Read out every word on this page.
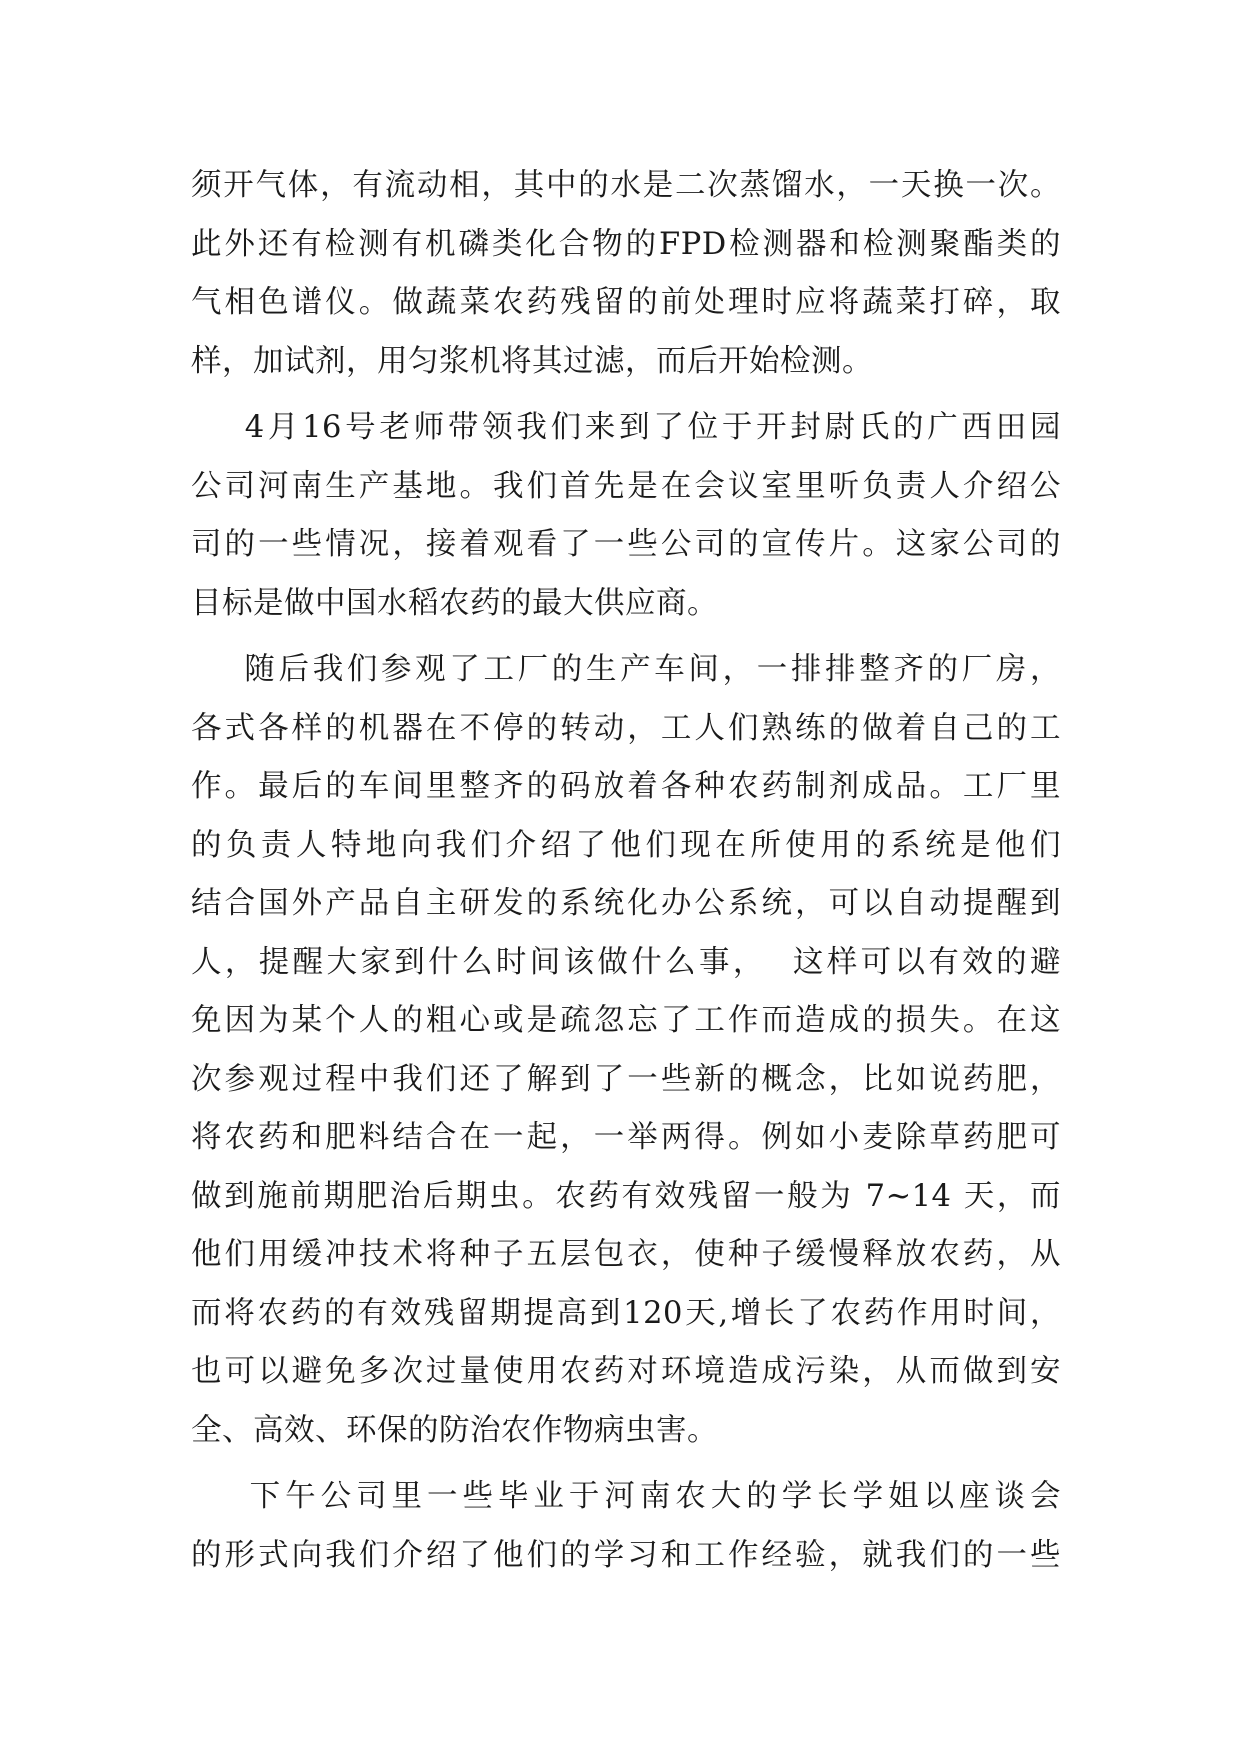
须开气体，有流动相，其中的水是二次蒸馏水，一天换一次。
此外还有检测有机磷类化合物的FPD检测器和检测聚酯类的
气相色谱仪。做蔬菜农药残留的前处理时应将蔬菜打碎，取
样，加试剂，用匀浆机将其过滤，而后开始检测。
4月16号老师带领我们来到了位于开封尉氏的广西田园
公司河南生产基地。我们首先是在会议室里听负责人介绍公
司的一些情况，接着观看了一些公司的宣传片。这家公司的
目标是做中国水稻农药的最大供应商。
随后我们参观了工厂的生产车间，一排排整齐的厂房，
各式各样的机器在不停的转动，工人们熟练的做着自己的工
作。最后的车间里整齐的码放着各种农药制剂成品。工厂里
的负责人特地向我们介绍了他们现在所使用的系统是他们
结合国外产品自主研发的系统化办公系统，可以自动提醒到
人，提醒大家到什么时间该做什么事，  这样可以有效的避
免因为某个人的粗心或是疏忽忘了工作而造成的损失。在这
次参观过程中我们还了解到了一些新的概念，比如说药肥，
将农药和肥料结合在一起，一举两得。例如小麦除草药肥可
做到施前期肥治后期虫。农药有效残留一般为 7~14 天，而
他们用缓冲技术将种子五层包衣，使种子缓慢释放农药，从
而将农药的有效残留期提高到120天,增长了农药作用时间，
也可以避免多次过量使用农药对环境造成污染，从而做到安
全、高效、环保的防治农作物病虫害。
下午公司里一些毕业于河南农大的学长学姐以座谈会
的形式向我们介绍了他们的学习和工作经验，就我们的一些
